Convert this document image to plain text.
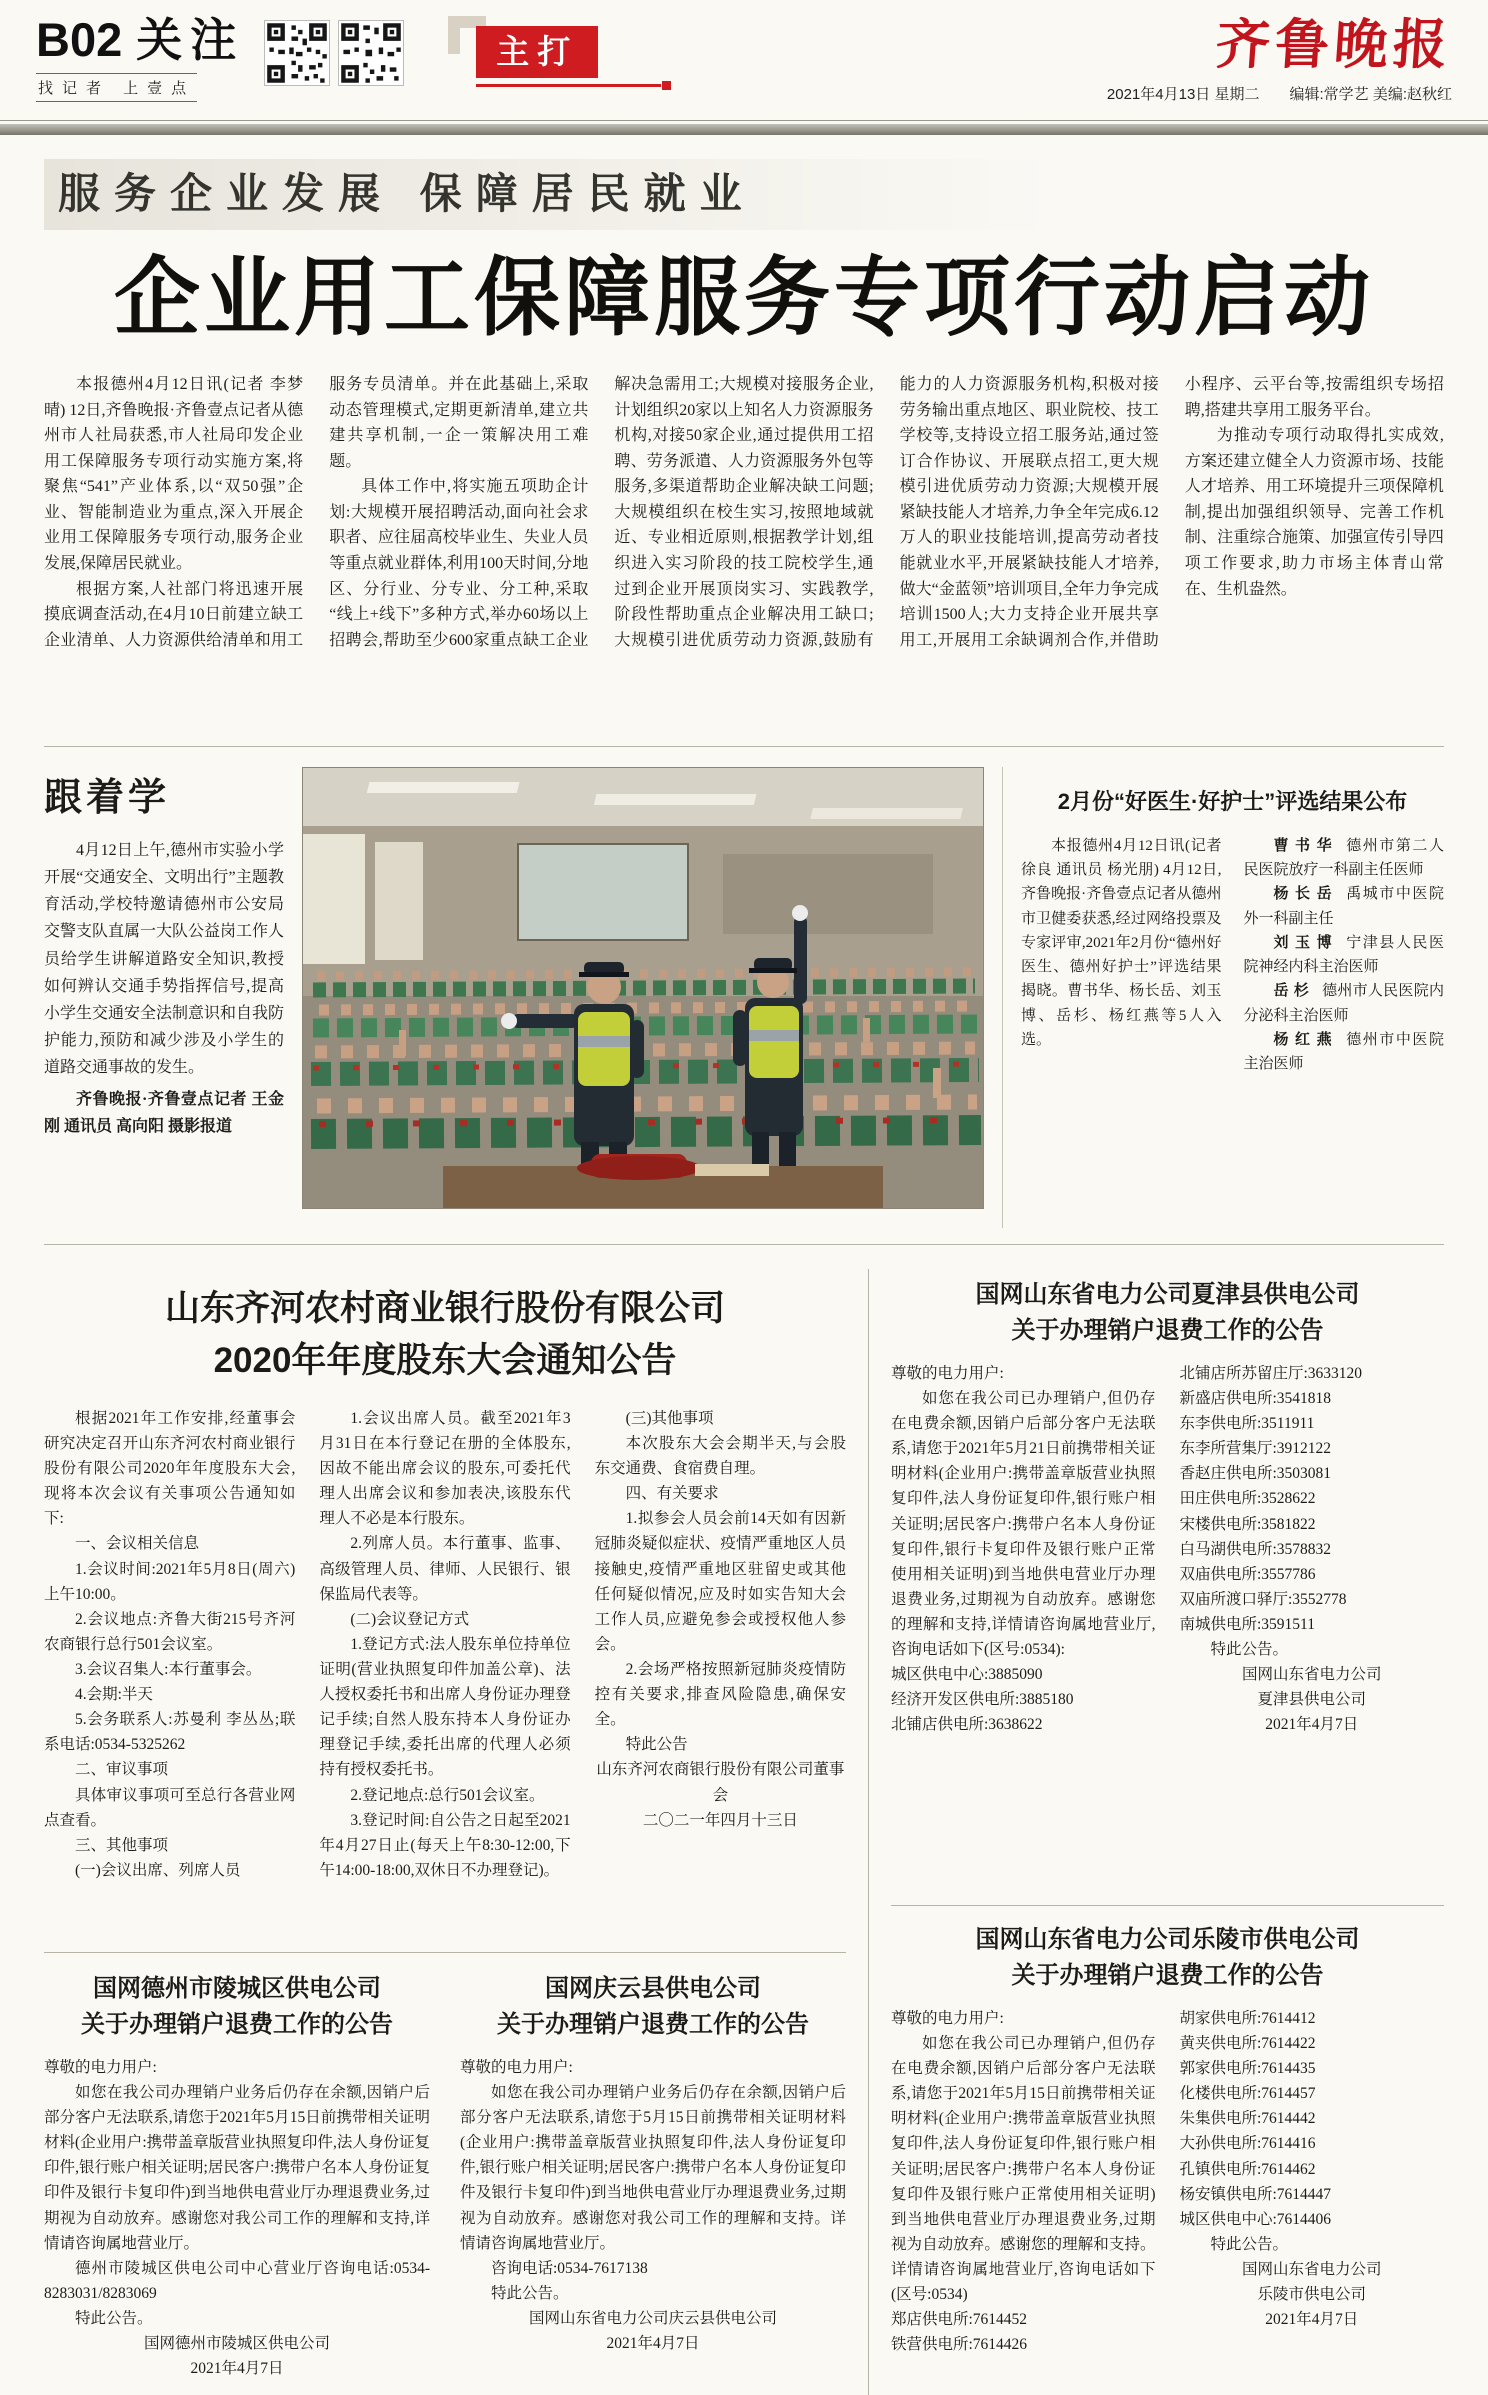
B02 关注
找记者 上壹点
主打	齐鲁晚报
2021年4月13日 星期二 编辑:常学艺 美编:赵秋红
服务企业发展 保障居民就业
企业用工保障服务专项行动启动

本报德州4月12日讯(记者 李梦晴) 12日,齐鲁晚报·齐鲁壹点记者从德州市人社局获悉,市人社局印发企业用工保障服务专项行动实施方案,将聚焦“541”产业体系,以“双50强”企业、智能制造业为重点,深入开展企业用工保障服务专项行动,服务企业发展,保障居民就业。

根据方案,人社部门将迅速开展摸底调查活动,在4月10日前建立缺工企业清单、人力资源供给清单和用工服务专员清单。并在此基础上,采取动态管理模式,定期更新清单,建立共建共享机制,一企一策解决用工难题。

具体工作中,将实施五项助企计划:大规模开展招聘活动,面向社会求职者、应往届高校毕业生、失业人员等重点就业群体,利用100天时间,分地区、分行业、分专业、分工种,采取“线上+线下”多种方式,举办60场以上招聘会,帮助至少600家重点缺工企业解决急需用工;大规模对接服务企业,计划组织20家以上知名人力资源服务机构,对接50家企业,通过提供用工招聘、劳务派遣、人力资源服务外包等服务,多渠道帮助企业解决缺工问题;大规模组织在校生实习,按照地域就近、专业相近原则,根据教学计划,组织进入实习阶段的技工院校学生,通过到企业开展顶岗实习、实践教学,阶段性帮助重点企业解决用工缺口;大规模引进优质劳动力资源,鼓励有能力的人力资源服务机构,积极对接劳务输出重点地区、职业院校、技工学校等,支持设立招工服务站,通过签订合作协议、开展联点招工,更大规模引进优质劳动力资源;大规模开展紧缺技能人才培养,力争全年完成6.12万人的职业技能培训,提高劳动者技能就业水平,开展紧缺技能人才培养,做大“金蓝领”培训项目,全年力争完成培训1500人;大力支持企业开展共享用工,开展用工余缺调剂合作,并借助小程序、云平台等,按需组织专场招聘,搭建共享用工服务平台。

为推动专项行动取得扎实成效,方案还建立健全人力资源市场、技能人才培养、用工环境提升三项保障机制,提出加强组织领导、完善工作机制、注重综合施策、加强宣传引导四项工作要求,助力市场主体青山常在、生机盎然。

跟着学

4月12日上午,德州市实验小学开展“交通安全、文明出行”主题教育活动,学校特邀请德州市公安局交警支队直属一大队公益岗工作人员给学生讲解道路安全知识,教授如何辨认交通手势指挥信号,提高小学生交通安全法制意识和自我防护能力,预防和减少涉及小学生的道路交通事故的发生。

齐鲁晚报·齐鲁壹点记者 王金刚 通讯员 高向阳 摄影报道

2月份“好医生·好护士”评选结果公布

本报德州4月12日讯(记者 徐良 通讯员 杨光朋) 4月12日,齐鲁晚报·齐鲁壹点记者从德州市卫健委获悉,经过网络投票及专家评审,2021年2月份“德州好医生、德州好护士”评选结果揭晓。曹书华、杨长岳、刘玉博、岳杉、杨红燕等5人入选。

曹书华 德州市第二人民医院放疗一科副主任医师

杨长岳 禹城市中医院外一科副主任

刘玉博 宁津县人民医院神经内科主治医师

岳杉 德州市人民医院内分泌科主治医师

杨红燕 德州市中医院主治医师

山东齐河农村商业银行股份有限公司
2020年年度股东大会通知公告

根据2021年工作安排,经董事会研究决定召开山东齐河农村商业银行股份有限公司2020年年度股东大会,现将本次会议有关事项公告通知如下:

一、会议相关信息

1.会议时间:2021年5月8日(周六)上午10:00。

2.会议地点:齐鲁大街215号齐河农商银行总行501会议室。

3.会议召集人:本行董事会。

4.会期:半天

5.会务联系人:苏曼利 李丛丛;联系电话:0534-5325262

二、审议事项

具体审议事项可至总行各营业网点查看。

三、其他事项

(一)会议出席、列席人员

1.会议出席人员。截至2021年3月31日在本行登记在册的全体股东,因故不能出席会议的股东,可委托代理人出席会议和参加表决,该股东代理人不必是本行股东。

2.列席人员。本行董事、监事、高级管理人员、律师、人民银行、银保监局代表等。

(二)会议登记方式

1.登记方式:法人股东单位持单位证明(营业执照复印件加盖公章)、法人授权委托书和出席人身份证办理登记手续;自然人股东持本人身份证办理登记手续,委托出席的代理人必须持有授权委托书。

2.登记地点:总行501会议室。

3.登记时间:自公告之日起至2021年4月27日止(每天上午8:30-12:00,下午14:00-18:00,双休日不办理登记)。

(三)其他事项

本次股东大会会期半天,与会股东交通费、食宿费自理。

四、有关要求

1.拟参会人员会前14天如有因新冠肺炎疑似症状、疫情严重地区人员接触史,疫情严重地区驻留史或其他任何疑似情况,应及时如实告知大会工作人员,应避免参会或授权他人参会。

2.会场严格按照新冠肺炎疫情防控有关要求,排查风险隐患,确保安全。

特此公告

山东齐河农商银行股份有限公司董事会

二〇二一年四月十三日

国网德州市陵城区供电公司
关于办理销户退费工作的公告

尊敬的电力用户:

如您在我公司办理销户业务后仍存在余额,因销户后部分客户无法联系,请您于2021年5月15日前携带相关证明材料(企业用户:携带盖章版营业执照复印件,法人身份证复印件,银行账户相关证明;居民客户:携带户名本人身份证复印件及银行卡复印件)到当地供电营业厅办理退费业务,过期视为自动放弃。感谢您对我公司工作的理解和支持,详情请咨询属地营业厅。

德州市陵城区供电公司中心营业厅咨询电话:0534-8283031/8283069

特此公告。

国网德州市陵城区供电公司

2021年4月7日

国网庆云县供电公司
关于办理销户退费工作的公告

尊敬的电力用户:

如您在我公司办理销户业务后仍存在余额,因销户后部分客户无法联系,请您于5月15日前携带相关证明材料(企业用户:携带盖章版营业执照复印件,法人身份证复印件,银行账户相关证明;居民客户:携带户名本人身份证复印件及银行卡复印件)到当地供电营业厅办理退费业务,过期视为自动放弃。感谢您对我公司工作的理解和支持。详情请咨询属地营业厅。

咨询电话:0534-7617138

特此公告。

国网山东省电力公司庆云县供电公司

2021年4月7日

国网山东省电力公司夏津县供电公司
关于办理销户退费工作的公告

尊敬的电力用户:

如您在我公司已办理销户,但仍存在电费余额,因销户后部分客户无法联系,请您于2021年5月21日前携带相关证明材料(企业用户:携带盖章版营业执照复印件,法人身份证复印件,银行账户相关证明;居民客户:携带户名本人身份证复印件,银行卡复印件及银行账户正常使用相关证明)到当地供电营业厅办理退费业务,过期视为自动放弃。感谢您的理解和支持,详情请咨询属地营业厅,咨询电话如下(区号:0534):

城区供电中心:3885090

经济开发区供电所:3885180

北铺店供电所:3638622

北铺店所苏留庄厅:3633120

新盛店供电所:3541818

东李供电所:3511911

东李所营集厅:3912122

香赵庄供电所:3503081

田庄供电所:3528622

宋楼供电所:3581822

白马湖供电所:3578832

双庙供电所:3557786

双庙所渡口驿厅:3552778

南城供电所:3591511

特此公告。

国网山东省电力公司

夏津县供电公司

2021年4月7日

国网山东省电力公司乐陵市供电公司
关于办理销户退费工作的公告

尊敬的电力用户:

如您在我公司已办理销户,但仍存在电费余额,因销户后部分客户无法联系,请您于2021年5月15日前携带相关证明材料(企业用户:携带盖章版营业执照复印件,法人身份证复印件,银行账户相关证明;居民客户:携带户名本人身份证复印件及银行账户正常使用相关证明)到当地供电营业厅办理退费业务,过期视为自动放弃。感谢您的理解和支持。详情请咨询属地营业厅,咨询电话如下(区号:0534)

郑店供电所:7614452

铁营供电所:7614426

胡家供电所:7614412

黄夹供电所:7614422

郭家供电所:7614435

化楼供电所:7614457

朱集供电所:7614442

大孙供电所:7614416

孔镇供电所:7614462

杨安镇供电所:7614447

城区供电中心:7614406

特此公告。

国网山东省电力公司

乐陵市供电公司

2021年4月7日
